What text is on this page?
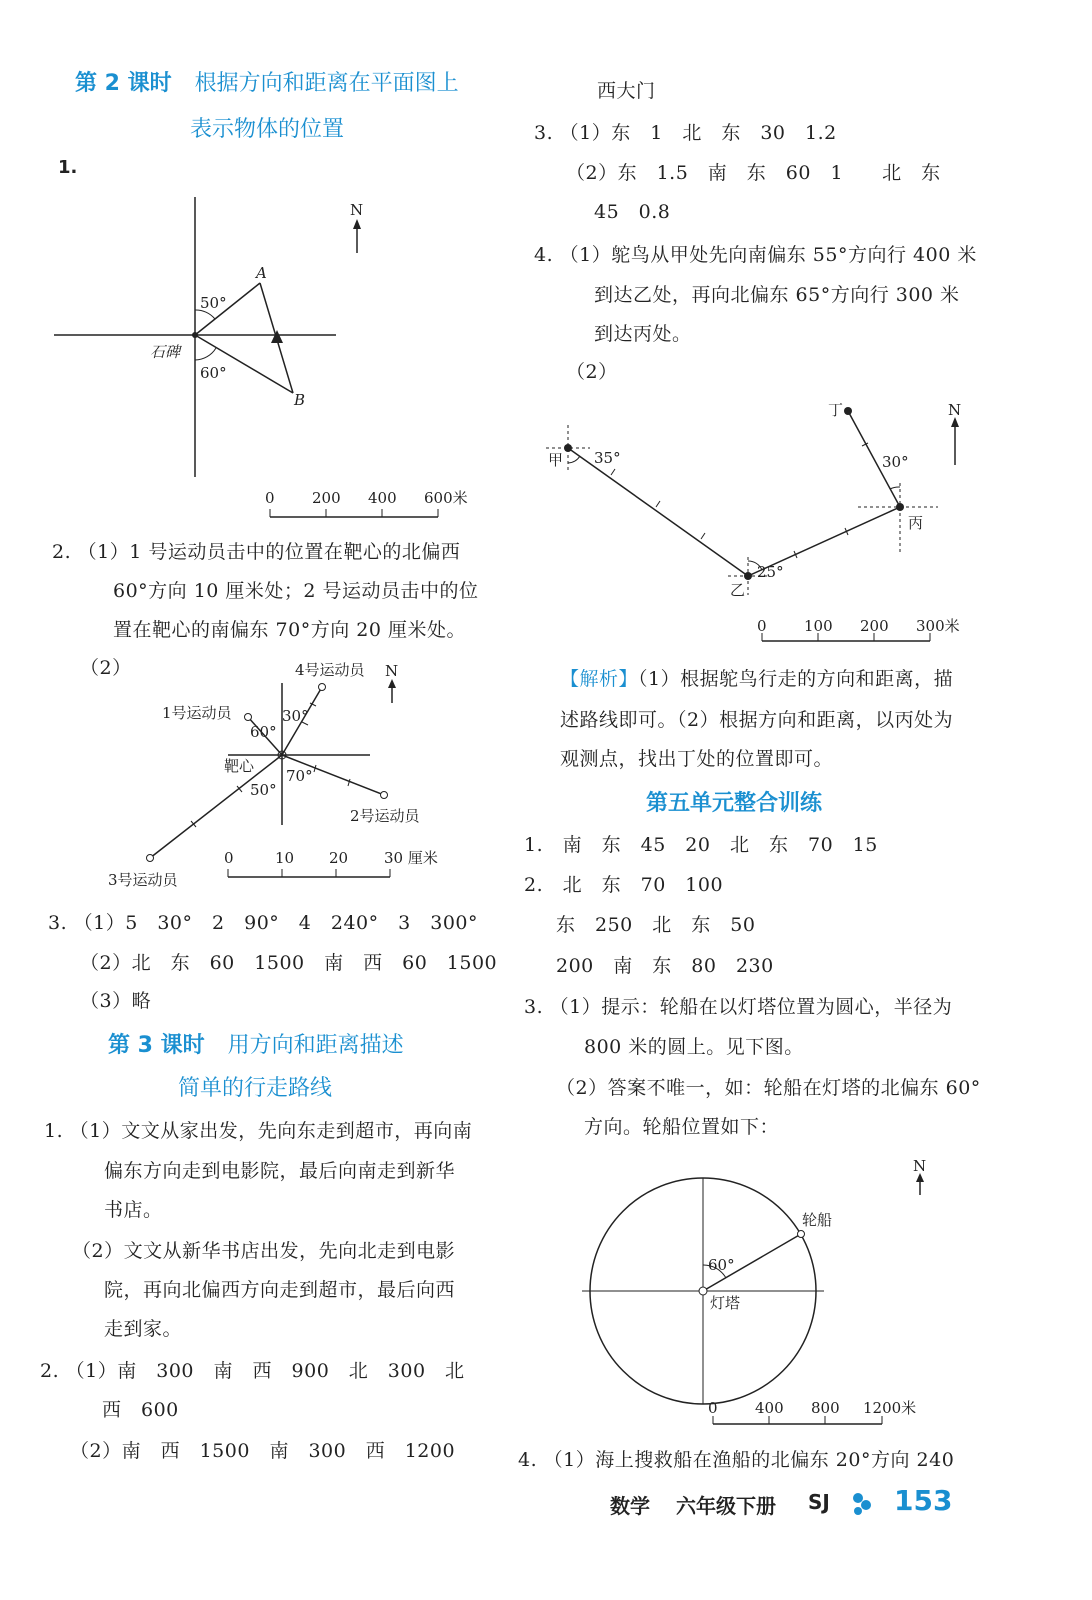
第 2 课时 根据方向和距离在平面图上
表示物体的位置
1.
N
A
B
石碑
50°
60°
0 200 400 600米
2. （1）1 号运动员击中的位置在靶心的北偏西
60°方向 10 厘米处；2 号运动员击中的位
置在靶心的南偏东 70°方向 20 厘米处。
（2）	N
4号运动员
1号运动员
2号运动员
3号运动员
靶心
60°
30°
70°
50°
0	10 20 30 厘米
3. （1）5　30°　2　90°　4　240°　3　300°
（2）北　东　60　1500　南　西　60　1500
（3）略
第 3 课时 用方向和距离描述
简单的行走路线
1. （1）文文从家出发，先向东走到超市，再向南
偏东方向走到电影院，最后向南走到新华
书店。
（2）文文从新华书店出发，先向北走到电影
院，再向北偏西方向走到超市，最后向西
走到家。
2. （1）南　300　南　西　900　北　300　北
西　600
（2）南　西　1500　南　300　西　1200
西大门
3. （1）东　1　北　东　30　1.2
（2）东　1.5　南　东　60　1　　北　东
45　0.8
4. （1）鸵鸟从甲处先向南偏东 55°方向行 400 米
到达乙处，再向北偏东 65°方向行 300 米
到达丙处。
（2）
N
甲
乙
丙
丁
35°
25°
30°
0 100 200 300米
【解析】（1）根据鸵鸟行走的方向和距离，描
述路线即可。（2）根据方向和距离，以丙处为
观测点，找出丁处的位置即可。
第五单元整合训练
1.　南　东　45　20　北　东　70　15
2.　北　东　70　100
东　250　北　东　50
200　南　东　80　230
3. （1）提示：轮船在以灯塔位置为圆心，半径为
800 米的圆上。见下图。
（2）答案不唯一，如：轮船在灯塔的北偏东 60°
方向。轮船位置如下：
N
轮船
灯塔
60°
0 400 800 1200米
4. （1）海上搜救船在渔船的北偏东 20°方向 240
数学 六年级下册 SJ 153
